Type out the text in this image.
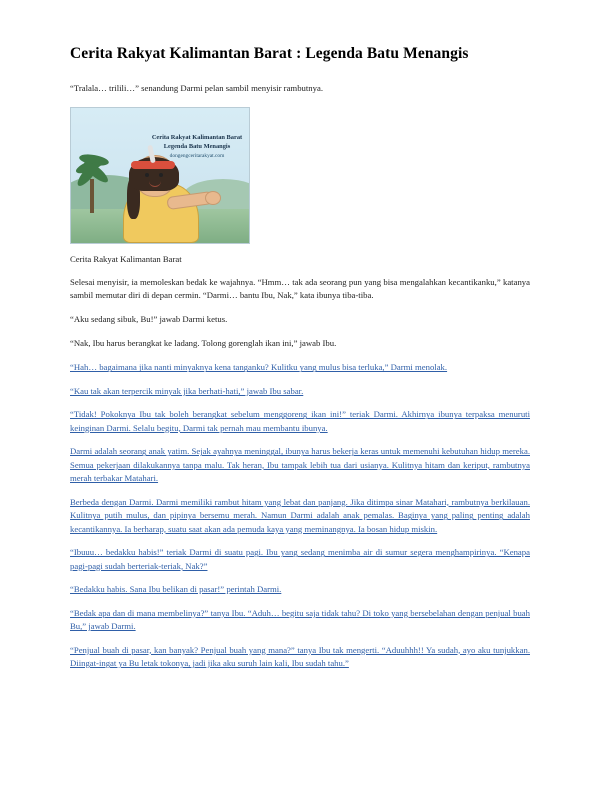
Cerita Rakyat Kalimantan Barat : Legenda Batu Menangis

“Tralala… trilili…” senandung Darmi pelan sambil menyisir rambutnya.

Cerita Rakyat Kalimantan Barat
Legenda Batu Menangis
dongengceritarakyat.com

Cerita Rakyat Kalimantan Barat

Selesai menyisir, ia memoleskan bedak ke wajahnya. “Hmm… tak ada seorang pun yang bisa mengalahkan kecantikanku,” katanya sambil memutar diri di depan cermin. “Darmi… bantu Ibu, Nak,” kata ibunya tiba-tiba.

“Aku sedang sibuk, Bu!” jawab Darmi ketus.

“Nak, Ibu harus berangkat ke ladang. Tolong gorenglah ikan ini,” jawab Ibu.

“Hah… bagaimana jika nanti minyaknya kena tanganku? Kulitku yang mulus bisa terluka,” Darmi menolak.

“Kau tak akan terpercik minyak jika berhati-hati,” jawab Ibu sabar.

“Tidak! Pokoknya Ibu tak boleh berangkat sebelum menggoreng ikan ini!” teriak Darmi. Akhirnya ibunya terpaksa menuruti keinginan Darmi. Selalu begitu, Darmi tak pernah mau membantu ibunya.

Darmi adalah seorang anak yatim. Sejak ayahnya meninggal, ibunya harus bekerja keras untuk memenuhi kebutuhan hidup mereka. Semua pekerjaan dilakukannya tanpa malu. Tak heran, Ibu tampak lebih tua dari usianya. Kulitnya hitam dan keriput, rambutnya merah terbakar Matahari.

Berbeda dengan Darmi. Darmi memiliki rambut hitam yang lebat dan panjang. Jika ditimpa sinar Matahari, rambutnya berkilauan. Kulitnya putih mulus, dan pipinya bersemu merah. Namun Darmi adalah anak pemalas. Baginya yang paling penting adalah kecantikannya. Ia berharap, suatu saat akan ada pemuda kaya yang meminangnya. Ia bosan hidup miskin.

“Ibuuu… bedakku habis!” teriak Darmi di suatu pagi. Ibu yang sedang menimba air di sumur segera menghampirinya. “Kenapa pagi-pagi sudah berteriak-teriak, Nak?”

“Bedakku habis. Sana Ibu belikan di pasar!” perintah Darmi.

“Bedak apa dan di mana membelinya?” tanya Ibu. “Aduh… begitu saja tidak tahu? Di toko yang bersebelahan dengan penjual buah Bu,” jawab Darmi.

“Penjual buah di pasar, kan banyak? Penjual buah yang mana?” tanya Ibu tak mengerti. “Aduuhhh!! Ya sudah, ayo aku tunjukkan. Diingat-ingat ya Bu letak tokonya, jadi jika aku suruh lain kali, Ibu sudah tahu.”
